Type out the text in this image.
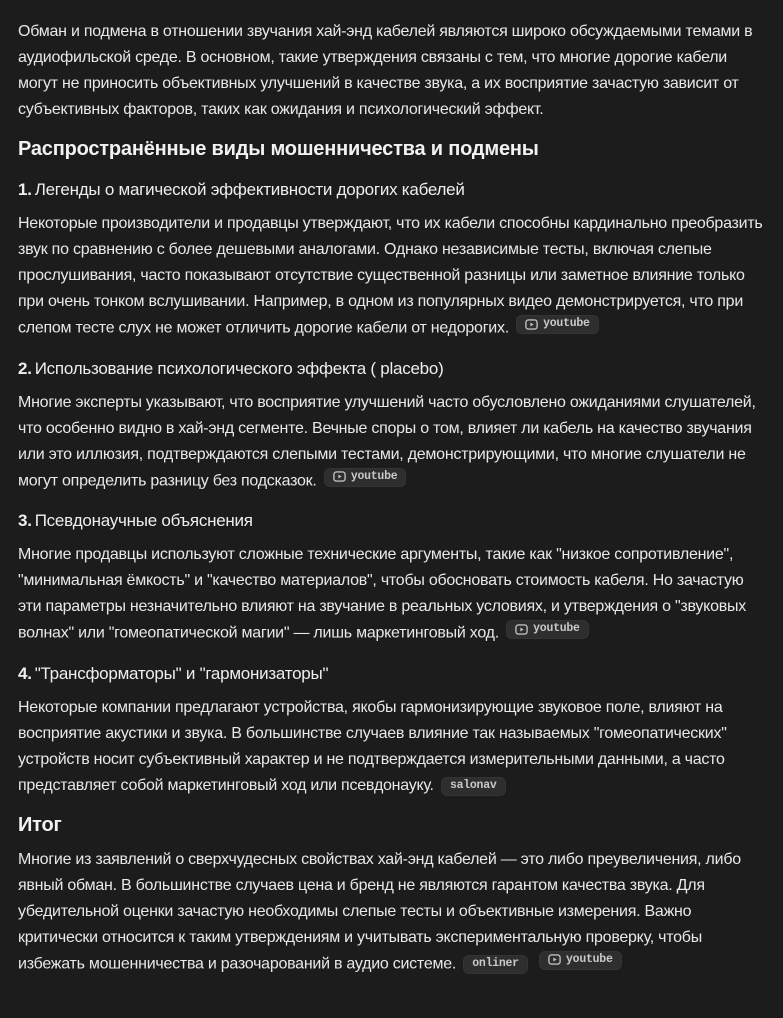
Обман и подмена в отношении звучания хай-энд кабелей являются широко обсуждаемыми темами в аудиофильской среде. В основном, такие утверждения связаны с тем, что многие дорогие кабели могут не приносить объективных улучшений в качестве звука, а их восприятие зачастую зависит от субъективных факторов, таких как ожидания и психологический эффект.

Распространённые виды мошенничества и подмены
1. Легенды о магической эффективности дорогих кабелей

Некоторые производители и продавцы утверждают, что их кабели способны кардинально преобразить звук по сравнению с более дешевыми аналогами. Однако независимые тесты, включая слепые прослушивания, часто показывают отсутствие существенной разницы или заметное влияние только при очень тонком вслушивании. Например, в одном из популярных видео демонстрируется, что при слепом тесте слух не может отличить дорогие кабели от недорогих.	youtube

2. Использование психологического эффекта ( placebo)

Многие эксперты указывают, что восприятие улучшений часто обусловлено ожиданиями слушателей, что особенно видно в хай-энд сегменте. Вечные споры о том, влияет ли кабель на качество звучания или это иллюзия, подтверждаются слепыми тестами, демонстрирующими, что многие слушатели не могут определить разницу без подсказок.	youtube

3. Псевдонаучные объяснения

Многие продавцы используют сложные технические аргументы, такие как "низкое сопротивление", "минимальная ёмкость" и "качество материалов", чтобы обосновать стоимость кабеля. Но зачастую эти параметры незначительно влияют на звучание в реальных условиях, и утверждения о "звуковых волнах" или "гомеопатической магии" — лишь маркетинговый ход.	youtube

4. "Трансформаторы" и "гармонизаторы"

Некоторые компании предлагают устройства, якобы гармонизирующие звуковое поле, влияют на восприятие акустики и звука. В большинстве случаев влияние так называемых "гомеопатических" устройств носит субъективный характер и не подтверждается измерительными данными, а часто представляет собой маркетинговый ход или псевдонауку. salonav

Итог

Многие из заявлений о сверхчудесных свойствах хай-энд кабелей — это либо преувеличения, либо явный обман. В большинстве случаев цена и бренд не являются гарантом качества звука. Для убедительной оценки зачастую необходимы слепые тесты и объективные измерения. Важно критически относится к таким утверждениям и учитывать экспериментальную проверку, чтобы избежать мошенничества и разочарований в аудио системе. onliner
	youtube
